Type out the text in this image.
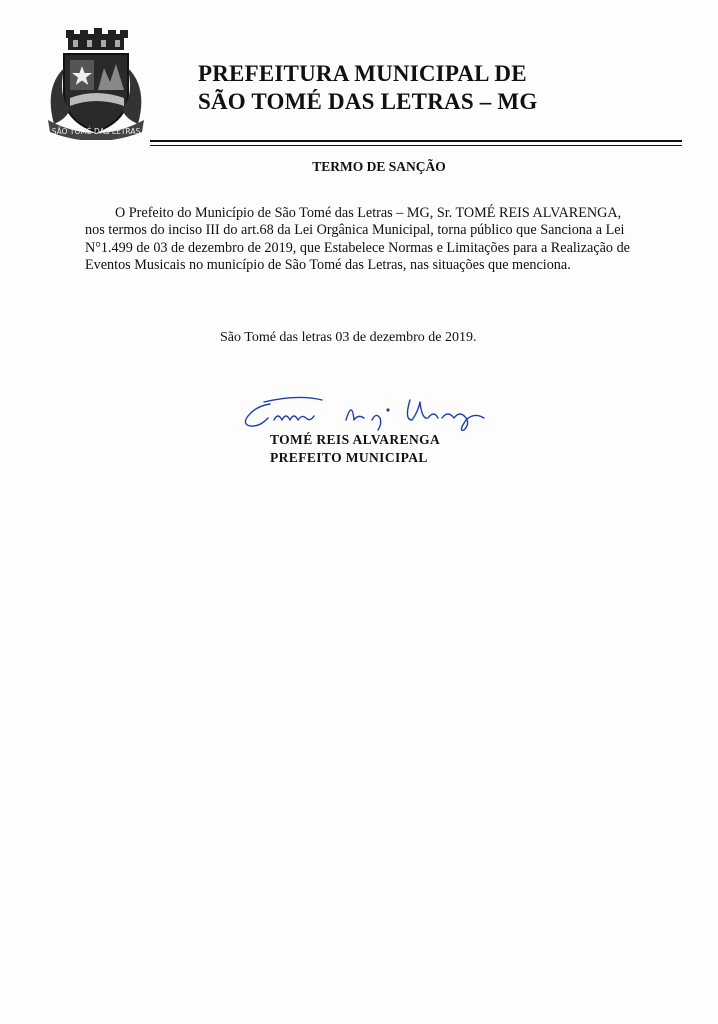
SÃO TOMÉ DAS LETRAS
PREFEITURA MUNICIPAL DE
SÃO TOMÉ DAS LETRAS – MG
TERMO DE SANÇÃO
O Prefeito do Município de São Tomé das Letras – MG, Sr. TOMÉ REIS ALVARENGA,
nos termos do inciso III do art.68 da Lei Orgânica Municipal, torna público que Sanciona a Lei
N°1.499 de 03 de dezembro de 2019, que Estabelece Normas e Limitações para a Realização de
Eventos Musicais no município de São Tomé das Letras, nas situações que menciona.
São Tomé das letras 03 de dezembro de 2019.
TOMÉ REIS ALVARENGA
PREFEITO MUNICIPAL
